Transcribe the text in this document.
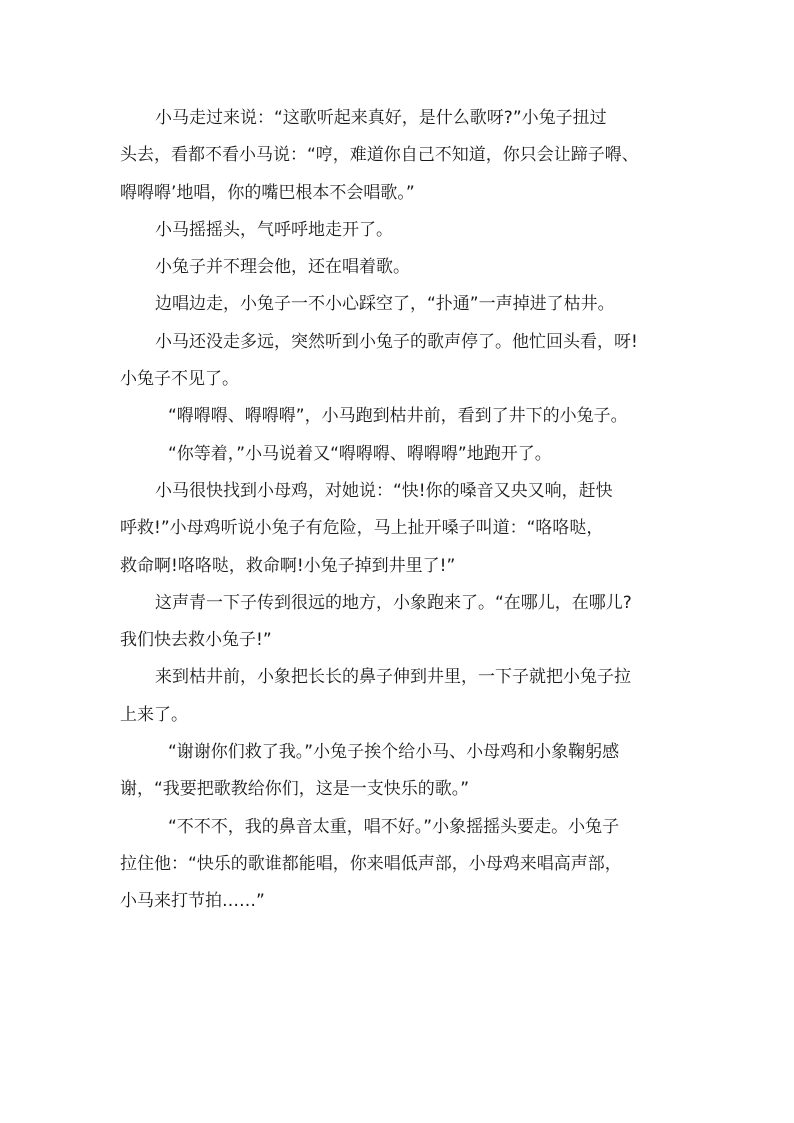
小马走过来说：“这歌听起来真好，是什么歌呀?”小兔子扭过
头去，看都不看小马说：“哼，难道你自己不知道，你只会让蹄子嘚、
嘚嘚嘚’地唱，你的嘴巴根本不会唱歌。”

小马摇摇头，气呼呼地走开了。

小兔子并不理会他，还在唱着歌。

边唱边走，小兔子一不小心踩空了，“扑通”一声掉进了枯井。

小马还没走多远，突然听到小兔子的歌声停了。他忙回头看，呀!
小兔子不见了。

“嘚嘚嘚、嘚嘚嘚”，小马跑到枯井前，看到了井下的小兔子。

“你等着，”小马说着又“嘚嘚嘚、嘚嘚嘚”地跑开了。

小马很快找到小母鸡，对她说：“快!你的嗓音又央又响，赶快
呼救!”小母鸡听说小兔子有危险，马上扯开嗓子叫道：“咯咯哒，
救命啊!咯咯哒，救命啊!小兔子掉到井里了!”

这声青一下子传到很远的地方，小象跑来了。“在哪儿，在哪儿?
我们快去救小兔子!”

来到枯井前，小象把长长的鼻子伸到井里，一下子就把小兔子拉
上来了。

“谢谢你们救了我。”小兔子挨个给小马、小母鸡和小象鞠躬感
谢，“我要把歌教给你们，这是一支快乐的歌。”

“不不不，我的鼻音太重，唱不好。”小象摇摇头要走。小兔子
拉住他：“快乐的歌谁都能唱，你来唱低声部，小母鸡来唱高声部，
小马来打节拍……”
